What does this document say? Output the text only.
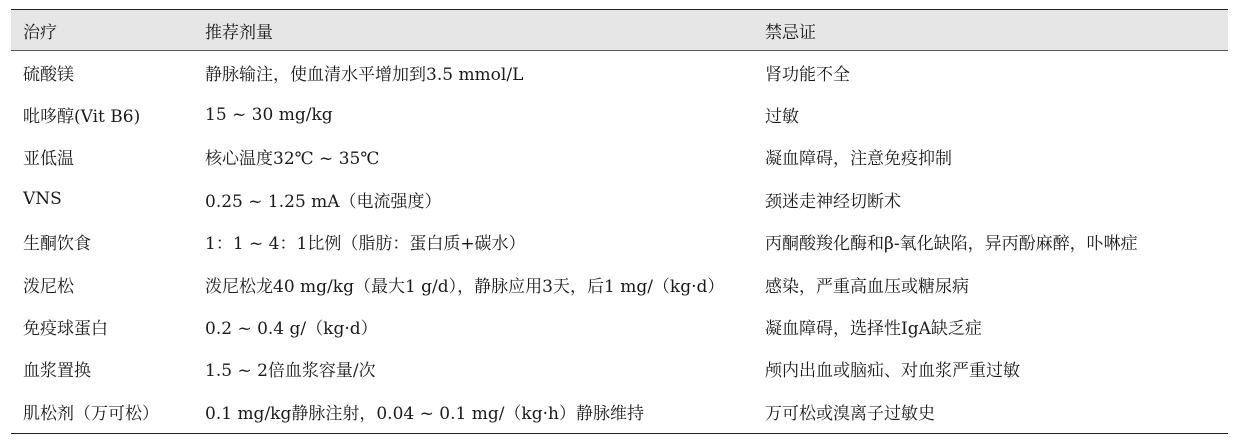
治疗	推荐剂量	禁忌证
硫酸镁	静脉输注，使血清水平增加到3.5 mmol/L	肾功能不全
吡哆醇(Vit B6)	15 ~ 30 mg/kg	过敏
亚低温	核心温度32℃ ~ 35℃	凝血障碍，注意免疫抑制
VNS	0.25 ~ 1.25 mA（电流强度）	颈迷走神经切断术
生酮饮食	1：1 ~ 4：1比例（脂肪：蛋白质+碳水）	丙酮酸羧化酶和β-氧化缺陷，异丙酚麻醉，卟啉症
泼尼松	泼尼松龙40 mg/kg（最大1 g/d），静脉应用3天，后1 mg/（kg·d）	感染，严重高血压或糖尿病
免疫球蛋白	0.2 ~ 0.4 g/（kg·d）	凝血障碍，选择性IgA缺乏症
血浆置换	1.5 ~ 2倍血浆容量/次	颅内出血或脑疝、对血浆严重过敏
肌松剂（万可松）	0.1 mg/kg静脉注射，0.04 ~ 0.1 mg/（kg·h）静脉维持	万可松或溴离子过敏史
